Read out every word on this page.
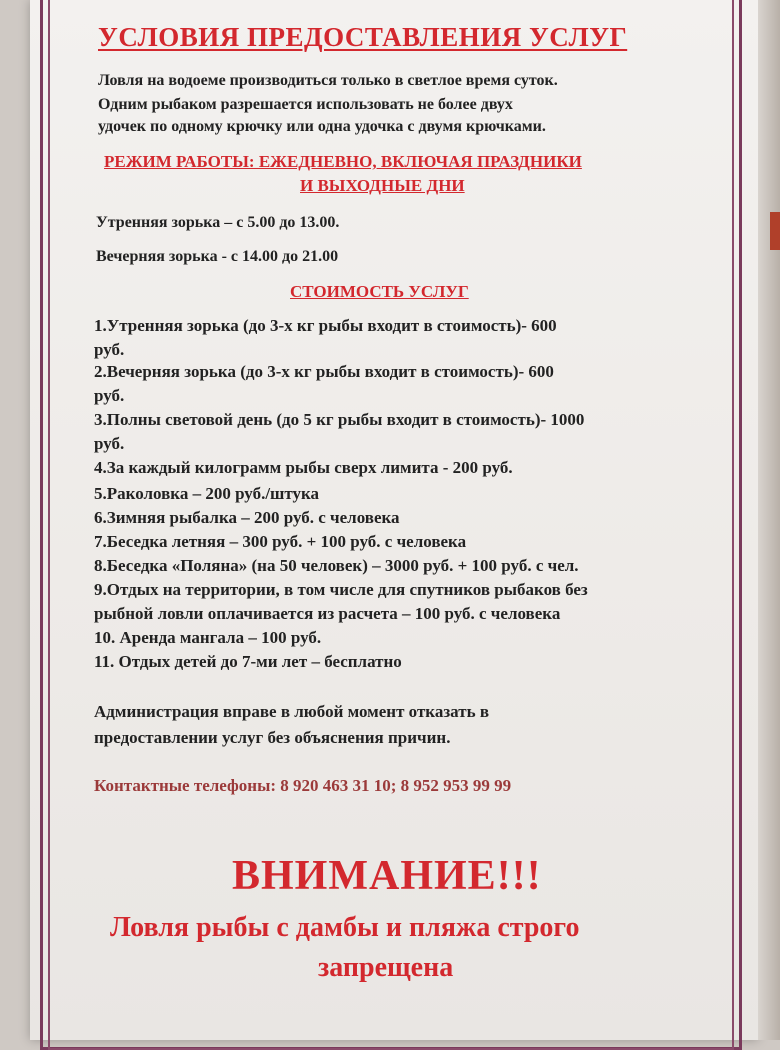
УСЛОВИЯ ПРЕДОСТАВЛЕНИЯ УСЛУГ
Ловля на водоеме производиться только в светлое время суток.
Одним рыбаком разрешается использовать не более двух
удочек по одному крючку или одна удочка с двумя крючками.
РЕЖИМ РАБОТЫ: ЕЖЕДНЕВНО, ВКЛЮЧАЯ ПРАЗДНИКИ
И ВЫХОДНЫЕ ДНИ
Утренняя зорька – с 5.00 до 13.00.
Вечерняя зорька - с 14.00 до 21.00
СТОИМОСТЬ УСЛУГ
1.Утренняя зорька (до 3-х кг рыбы входит в стоимость)- 600
руб.
2.Вечерняя зорька (до 3-х кг рыбы входит в стоимость)- 600
руб.
3.Полны световой день (до 5 кг рыбы входит в стоимость)- 1000
руб.
4.За каждый килограмм рыбы сверх лимита - 200 руб.
5.Раколовка – 200 руб./штука
6.Зимняя рыбалка – 200 руб. с человека
7.Беседка летняя – 300 руб. + 100 руб. с человека
8.Беседка «Поляна» (на 50 человек) – 3000 руб. + 100 руб. с чел.
9.Отдых на территории, в том числе для спутников рыбаков без
рыбной ловли оплачивается из расчета – 100 руб. с человека
10. Аренда мангала – 100 руб.
11. Отдых детей до 7-ми лет – бесплатно
Администрация вправе в любой момент отказать в
предоставлении услуг без объяснения причин.
Контактные телефоны: 8 920 463 31 10; 8 952 953 99 99
ВНИМАНИЕ!!!
Ловля рыбы с дамбы и пляжа строго
запрещена
